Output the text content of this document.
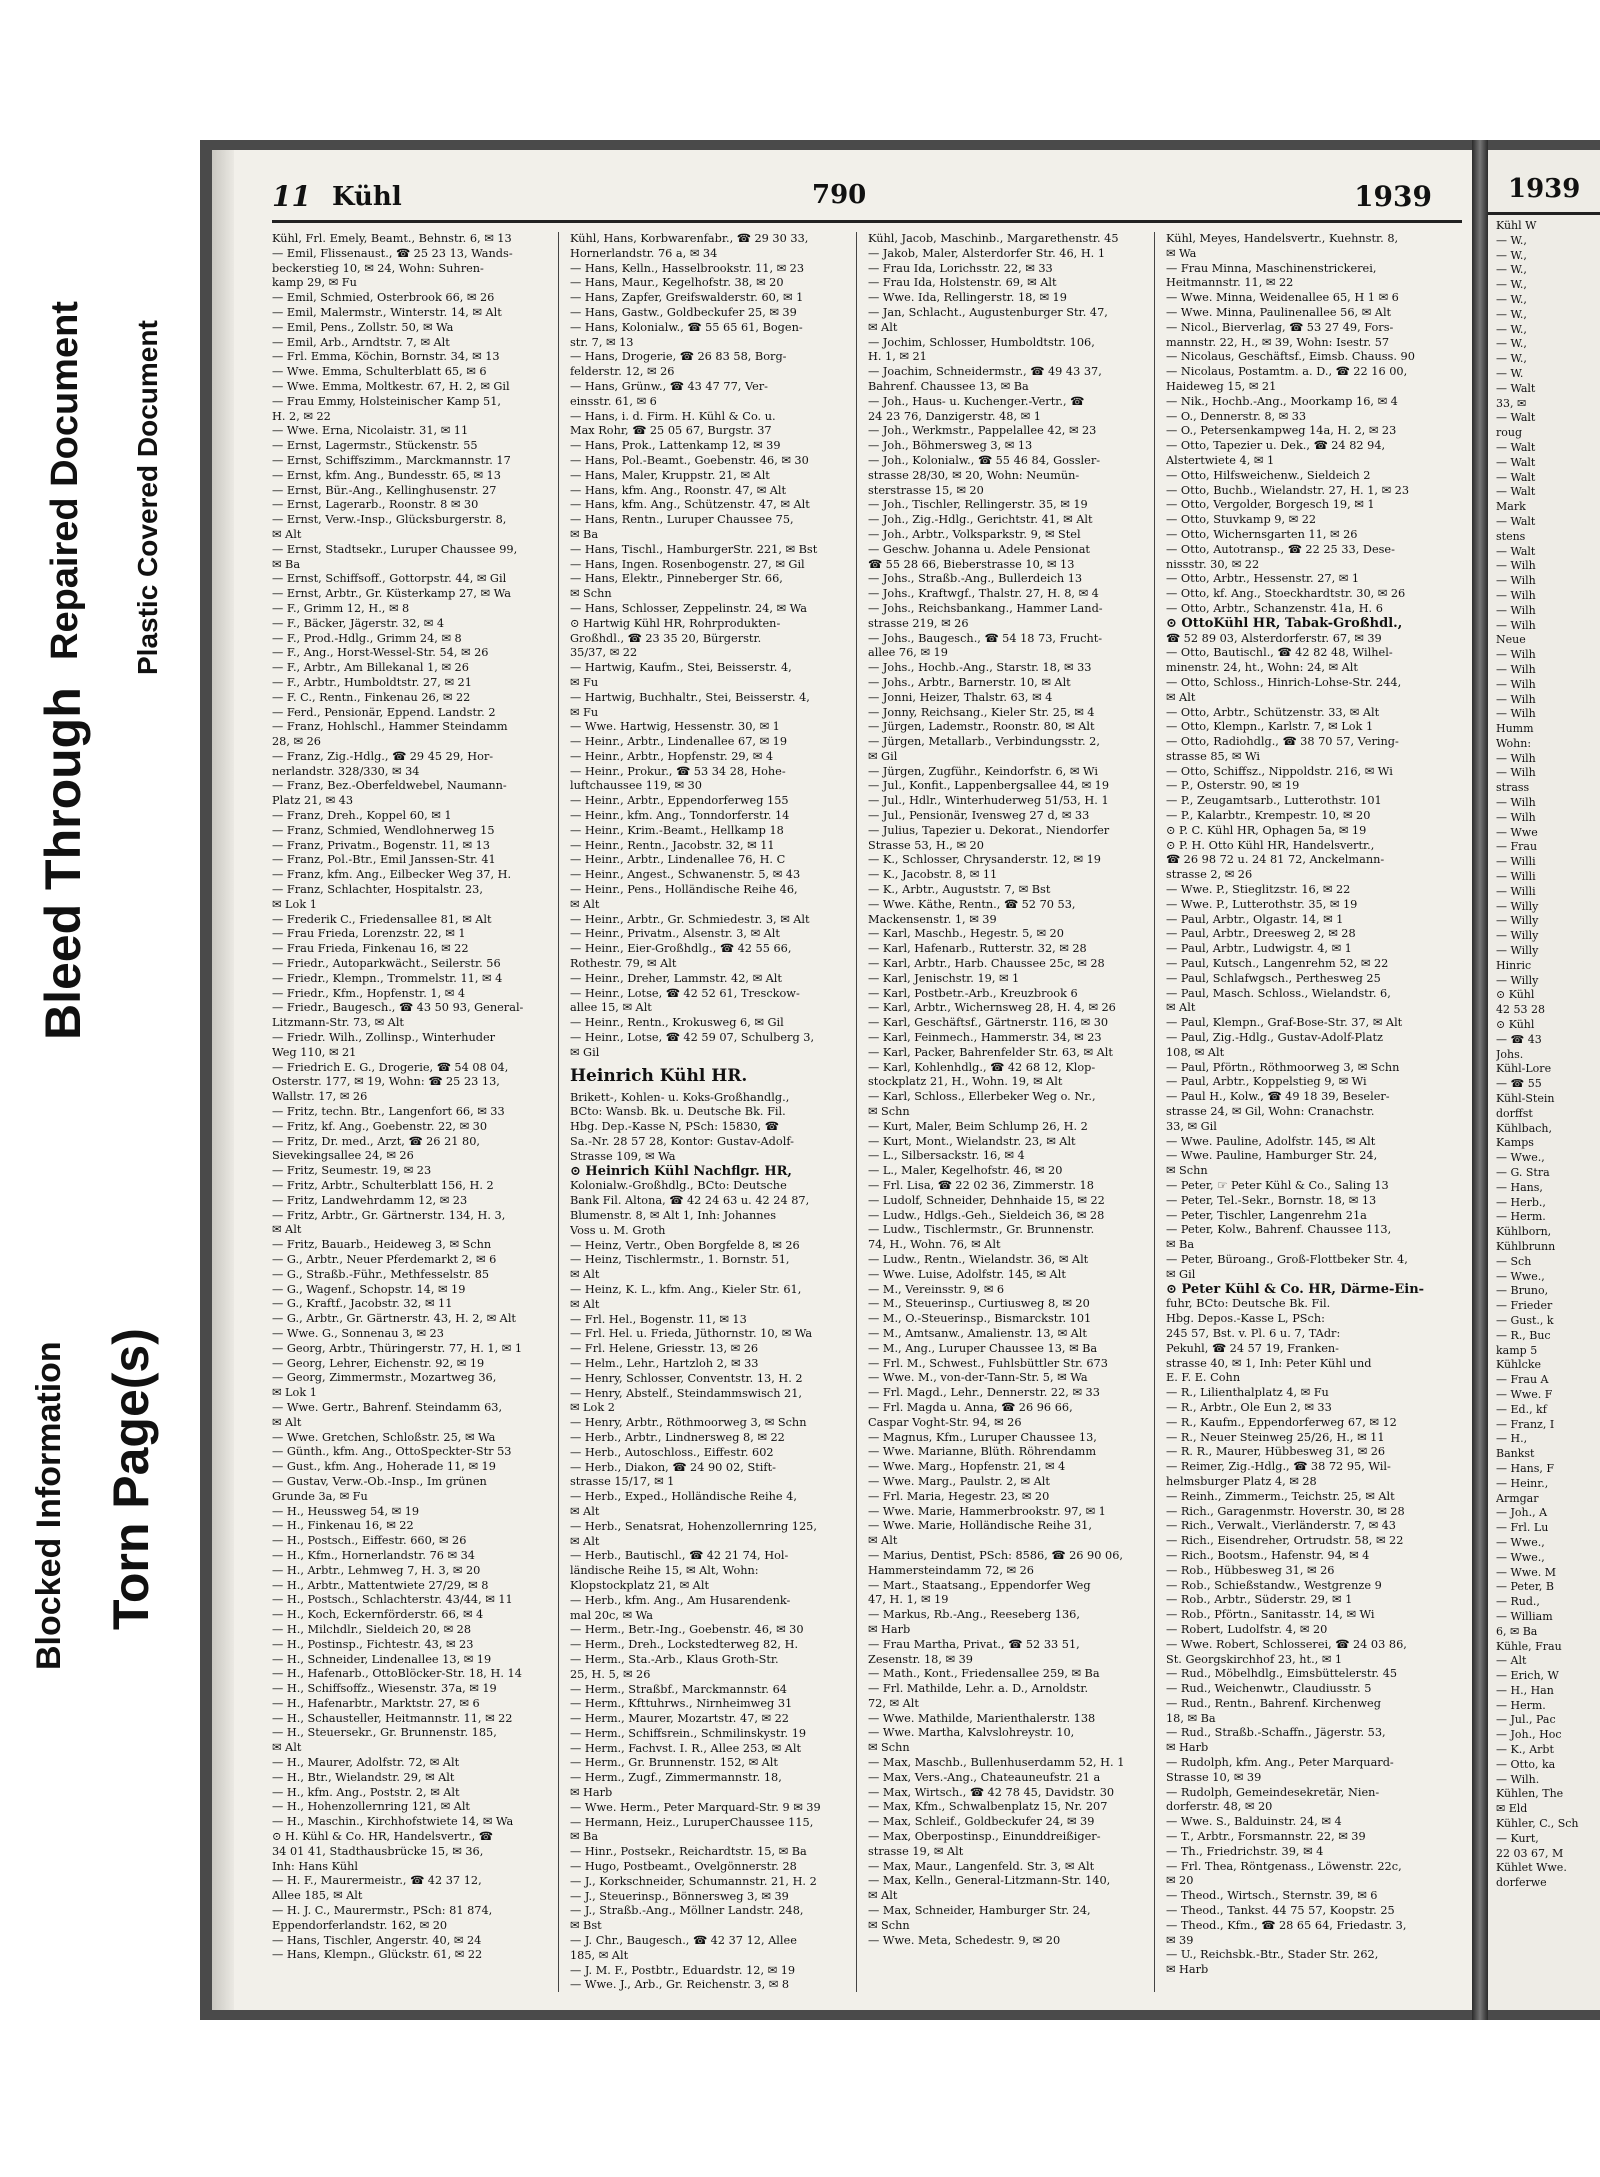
Bleed Through
Repaired Document Plastic Covered Document
Blocked Information Torn Page(s)
11 Kühl	790	1939
Kühl, Frl. Emely, Beamt., Behnstr. 6, ✉ 13
— Emil, Flissenaust., ☎ 25 23 13, Wands-
beckerstieg 10, ✉ 24, Wohn: Suhren-
kamp 29, ✉ Fu
— Emil, Schmied, Osterbrook 66, ✉ 26
— Emil, Malermstr., Winterstr. 14, ✉ Alt
— Emil, Pens., Zollstr. 50, ✉ Wa
— Emil, Arb., Arndtstr. 7, ✉ Alt
— Frl. Emma, Köchin, Bornstr. 34, ✉ 13
— Wwe. Emma, Schulterblatt 65, ✉ 6
— Wwe. Emma, Moltkestr. 67, H. 2, ✉ Gil
— Frau Emmy, Holsteinischer Kamp 51,
H. 2, ✉ 22
— Wwe. Erna, Nicolaistr. 31, ✉ 11
— Ernst, Lagermstr., Stückenstr. 55
— Ernst, Schiffszimm., Marckmannstr. 17
— Ernst, kfm. Ang., Bundesstr. 65, ✉ 13
— Ernst, Bür.-Ang., Kellinghusenstr. 27
— Ernst, Lagerarb., Roonstr. 8 ✉ 30
— Ernst, Verw.-Insp., Glücksburgerstr. 8,
✉ Alt
— Ernst, Stadtsekr., Luruper Chaussee 99,
✉ Ba
— Ernst, Schiffsoff., Gottorpstr. 44, ✉ Gil
— Ernst, Arbtr., Gr. Küsterkamp 27, ✉ Wa
— F., Grimm 12, H., ✉ 8
— F., Bäcker, Jägerstr. 32, ✉ 4
— F., Prod.-Hdlg., Grimm 24, ✉ 8
— F., Ang., Horst-Wessel-Str. 54, ✉ 26
— F., Arbtr., Am Billekanal 1, ✉ 26
— F., Arbtr., Humboldtstr. 27, ✉ 21
— F. C., Rentn., Finkenau 26, ✉ 22
— Ferd., Pensionär, Eppend. Landstr. 2
— Franz, Hohlschl., Hammer Steindamm
28, ✉ 26
— Franz, Zig.-Hdlg., ☎ 29 45 29, Hor-
nerlandstr. 328/330, ✉ 34
— Franz, Bez.-Oberfeldwebel, Naumann-
Platz 21, ✉ 43
— Franz, Dreh., Koppel 60, ✉ 1
— Franz, Schmied, Wendlohnerweg 15
— Franz, Privatm., Bogenstr. 11, ✉ 13
— Franz, Pol.-Btr., Emil Janssen-Str. 41
— Franz, kfm. Ang., Eilbecker Weg 37, H.
— Franz, Schlachter, Hospitalstr. 23,
✉ Lok 1
— Frederik C., Friedensallee 81, ✉ Alt
— Frau Frieda, Lorenzstr. 22, ✉ 1
— Frau Frieda, Finkenau 16, ✉ 22
— Friedr., Autoparkwächt., Seilerstr. 56
— Friedr., Klempn., Trommelstr. 11, ✉ 4
— Friedr., Kfm., Hopfenstr. 1, ✉ 4
— Friedr., Baugesch., ☎ 43 50 93, General-
Litzmann-Str. 73, ✉ Alt
— Friedr. Wilh., Zollinsp., Winterhuder
Weg 110, ✉ 21
— Friedrich E. G., Drogerie, ☎ 54 08 04,
Osterstr. 177, ✉ 19, Wohn: ☎ 25 23 13,
Wallstr. 17, ✉ 26
— Fritz, techn. Btr., Langenfort 66, ✉ 33
— Fritz, kf. Ang., Goebenstr. 22, ✉ 30
— Fritz, Dr. med., Arzt, ☎ 26 21 80,
Sievekingsallee 24, ✉ 26
— Fritz, Seumestr. 19, ✉ 23
— Fritz, Arbtr., Schulterblatt 156, H. 2
— Fritz, Landwehrdamm 12, ✉ 23
— Fritz, Arbtr., Gr. Gärtnerstr. 134, H. 3,
✉ Alt
— Fritz, Bauarb., Heideweg 3, ✉ Schn
— G., Arbtr., Neuer Pferdemarkt 2, ✉ 6
— G., Straßb.-Führ., Methfesselstr. 85
— G., Wagenf., Schopstr. 14, ✉ 19
— G., Kraftf., Jacobstr. 32, ✉ 11
— G., Arbtr., Gr. Gärtnerstr. 43, H. 2, ✉ Alt
— Wwe. G., Sonnenau 3, ✉ 23
— Georg, Arbtr., Thüringerstr. 77, H. 1, ✉ 1
— Georg, Lehrer, Eichenstr. 92, ✉ 19
— Georg, Zimmermstr., Mozartweg 36,
✉ Lok 1
— Wwe. Gertr., Bahrenf. Steindamm 63,
✉ Alt
— Wwe. Gretchen, Schloßstr. 25, ✉ Wa
— Günth., kfm. Ang., OttoSpeckter-Str 53
— Gust., kfm. Ang., Hoherade 11, ✉ 19
— Gustav, Verw.-Ob.-Insp., Im grünen
Grunde 3a, ✉ Fu
— H., Heussweg 54, ✉ 19
— H., Finkenau 16, ✉ 22
— H., Postsch., Eiffestr. 660, ✉ 26
— H., Kfm., Hornerlandstr. 76 ✉ 34
— H., Arbtr., Lehmweg 7, H. 3, ✉ 20
— H., Arbtr., Mattentwiete 27/29, ✉ 8
— H., Postsch., Schlachterstr. 43/44, ✉ 11
— H., Koch, Eckernförderstr. 66, ✉ 4
— H., Milchdlr., Sieldeich 20, ✉ 28
— H., Postinsp., Fichtestr. 43, ✉ 23
— H., Schneider, Lindenallee 13, ✉ 19
— H., Hafenarb., OttoBlöcker-Str. 18, H. 14
— H., Schiffsoffz., Wiesenstr. 37a, ✉ 19
— H., Hafenarbtr., Marktstr. 27, ✉ 6
— H., Schausteller, Heitmannstr. 11, ✉ 22
— H., Steuersekr., Gr. Brunnenstr. 185,
✉ Alt
— H., Maurer, Adolfstr. 72, ✉ Alt
— H., Btr., Wielandstr. 29, ✉ Alt
— H., kfm. Ang., Poststr. 2, ✉ Alt
— H., Hohenzollernring 121, ✉ Alt
— H., Maschin., Kirchhofstwiete 14, ✉ Wa
⊙ H. Kühl & Co. HR, Handelsvertr., ☎
34 01 41, Stadthausbrücke 15, ✉ 36,
Inh: Hans Kühl
— H. F., Maurermeistr., ☎ 42 37 12,
Allee 185, ✉ Alt
— H. J. C., Maurermstr., PSch: 81 874,
Eppendorferlandstr. 162, ✉ 20
— Hans, Tischler, Angerstr. 40, ✉ 24
— Hans, Klempn., Glückstr. 61, ✉ 22
Kühl, Hans, Korbwarenfabr., ☎ 29 30 33,
Hornerlandstr. 76 a, ✉ 34
— Hans, Kelln., Hasselbrookstr. 11, ✉ 23
— Hans, Maur., Kegelhofstr. 38, ✉ 20
— Hans, Zapfer, Greifswalderstr. 60, ✉ 1
— Hans, Gastw., Goldbeckufer 25, ✉ 39
— Hans, Kolonialw., ☎ 55 65 61, Bogen-
str. 7, ✉ 13
— Hans, Drogerie, ☎ 26 83 58, Borg-
felderstr. 12, ✉ 26
— Hans, Grünw., ☎ 43 47 77, Ver-
einsstr. 61, ✉ 6
— Hans, i. d. Firm. H. Kühl & Co. u.
Max Rohr, ☎ 25 05 67, Burgstr. 37
— Hans, Prok., Lattenkamp 12, ✉ 39
— Hans, Pol.-Beamt., Goebenstr. 46, ✉ 30
— Hans, Maler, Kruppstr. 21, ✉ Alt
— Hans, kfm. Ang., Roonstr. 47, ✉ Alt
— Hans, kfm. Ang., Schützenstr. 47, ✉ Alt
— Hans, Rentn., Luruper Chaussee 75,
✉ Ba
— Hans, Tischl., HamburgerStr. 221, ✉ Bst
— Hans, Ingen. Rosenbogenstr. 27, ✉ Gil
— Hans, Elektr., Pinneberger Str. 66,
✉ Schn
— Hans, Schlosser, Zeppelinstr. 24, ✉ Wa
⊙ Hartwig Kühl HR, Rohrprodukten-
Großhdl., ☎ 23 35 20, Bürgerstr.
35/37, ✉ 22
— Hartwig, Kaufm., Stei, Beisserstr. 4,
✉ Fu
— Hartwig, Buchhaltr., Stei, Beisserstr. 4,
✉ Fu
— Wwe. Hartwig, Hessenstr. 30, ✉ 1
— Heinr., Arbtr., Lindenallee 67, ✉ 19
— Heinr., Arbtr., Hopfenstr. 29, ✉ 4
— Heinr., Prokur., ☎ 53 34 28, Hohe-
luftchaussee 119, ✉ 30
— Heinr., Arbtr., Eppendorferweg 155
— Heinr., kfm. Ang., Tonndorferstr. 14
— Heinr., Krim.-Beamt., Hellkamp 18
— Heinr., Rentn., Jacobstr. 32, ✉ 11
— Heinr., Arbtr., Lindenallee 76, H. C
— Heinr., Angest., Schwanenstr. 5, ✉ 43
— Heinr., Pens., Holländische Reihe 46,
✉ Alt
— Heinr., Arbtr., Gr. Schmiedestr. 3, ✉ Alt
— Heinr., Privatm., Alsenstr. 3, ✉ Alt
— Heinr., Eier-Großhdlg., ☎ 42 55 66,
Rothestr. 79, ✉ Alt
— Heinr., Dreher, Lammstr. 42, ✉ Alt
— Heinr., Lotse, ☎ 42 52 61, Tresckow-
allee 15, ✉ Alt
— Heinr., Rentn., Krokusweg 6, ✉ Gil
— Heinr., Lotse, ☎ 42 59 07, Schulberg 3,
✉ Gil
Heinrich Kühl HR.
Brikett-, Kohlen- u. Koks-Großhandlg.,
BCto: Wansb. Bk. u. Deutsche Bk. Fil.
Hbg. Dep.-Kasse N, PSch: 15830, ☎
Sa.-Nr. 28 57 28, Kontor: Gustav-Adolf-
Strasse 109, ✉ Wa
⊙ Heinrich Kühl Nachflgr. HR,
Kolonialw.-Großhdlg., BCto: Deutsche
Bank Fil. Altona, ☎ 42 24 63 u. 42 24 87,
Blumenstr. 8, ✉ Alt 1, Inh: Johannes
Voss u. M. Groth
— Heinz, Vertr., Oben Borgfelde 8, ✉ 26
— Heinz, Tischlermstr., 1. Bornstr. 51,
✉ Alt
— Heinz, K. L., kfm. Ang., Kieler Str. 61,
✉ Alt
— Frl. Hel., Bogenstr. 11, ✉ 13
— Frl. Hel. u. Frieda, Jüthornstr. 10, ✉ Wa
— Frl. Helene, Griesstr. 13, ✉ 26
— Helm., Lehr., Hartzloh 2, ✉ 33
— Henry, Schlosser, Conventstr. 13, H. 2
— Henry, Abstelf., Steindammswisch 21,
✉ Lok 2
— Henry, Arbtr., Röthmoorweg 3, ✉ Schn
— Herb., Arbtr., Lindnersweg 8, ✉ 22
— Herb., Autoschloss., Eiffestr. 602
— Herb., Diakon, ☎ 24 90 02, Stift-
strasse 15/17, ✉ 1
— Herb., Exped., Holländische Reihe 4,
✉ Alt
— Herb., Senatsrat, Hohenzollernring 125,
✉ Alt
— Herb., Bautischl., ☎ 42 21 74, Hol-
ländische Reihe 15, ✉ Alt, Wohn:
Klopstockplatz 21, ✉ Alt
— Herb., kfm. Ang., Am Husarendenk-
mal 20c, ✉ Wa
— Herm., Betr.-Ing., Goebenstr. 46, ✉ 30
— Herm., Dreh., Lockstedterweg 82, H.
— Herm., Sta.-Arb., Klaus Groth-Str.
25, H. 5, ✉ 26
— Herm., Straßbf., Marckmannstr. 64
— Herm., Kfttuhrws., Nirnheimweg 31
— Herm., Maurer, Mozartstr. 47, ✉ 22
— Herm., Schiffsrein., Schmilinskystr. 19
— Herm., Fachvst. I. R., Allee 253, ✉ Alt
— Herm., Gr. Brunnenstr. 152, ✉ Alt
— Herm., Zugf., Zimmermannstr. 18,
✉ Harb
— Wwe. Herm., Peter Marquard-Str. 9 ✉ 39
— Hermann, Heiz., LuruperChaussee 115,
✉ Ba
— Hinr., Postsekr., Reichardtstr. 15, ✉ Ba
— Hugo, Postbeamt., Ovelgönnerstr. 28
— J., Korkschneider, Schumannstr. 21, H. 2
— J., Steuerinsp., Bönnersweg 3, ✉ 39
— J., Straßb.-Ang., Möllner Landstr. 248,
✉ Bst
— J. Chr., Baugesch., ☎ 42 37 12, Allee
185, ✉ Alt
— J. M. F., Postbtr., Eduardstr. 12, ✉ 19
— Wwe. J., Arb., Gr. Reichenstr. 3, ✉ 8
Kühl, Jacob, Maschinb., Margarethenstr. 45
— Jakob, Maler, Alsterdorfer Str. 46, H. 1
— Frau Ida, Lorichsstr. 22, ✉ 33
— Frau Ida, Holstenstr. 69, ✉ Alt
— Wwe. Ida, Rellingerstr. 18, ✉ 19
— Jan, Schlacht., Augustenburger Str. 47,
✉ Alt
— Jochim, Schlosser, Humboldtstr. 106,
H. 1, ✉ 21
— Joachim, Schneidermstr., ☎ 49 43 37,
Bahrenf. Chaussee 13, ✉ Ba
— Joh., Haus- u. Kuchenger.-Vertr., ☎
24 23 76, Danzigerstr. 48, ✉ 1
— Joh., Werkmstr., Pappelallee 42, ✉ 23
— Joh., Böhmersweg 3, ✉ 13
— Joh., Kolonialw., ☎ 55 46 84, Gossler-
strasse 28/30, ✉ 20, Wohn: Neumün-
sterstrasse 15, ✉ 20
— Joh., Tischler, Rellingerstr. 35, ✉ 19
— Joh., Zig.-Hdlg., Gerichtstr. 41, ✉ Alt
— Joh., Arbtr., Volksparkstr. 9, ✉ Stel
— Geschw. Johanna u. Adele Pensionat
☎ 55 28 66, Bieberstrasse 10, ✉ 13
— Johs., Straßb.-Ang., Bullerdeich 13
— Johs., Kraftwgf., Thalstr. 27, H. 8, ✉ 4
— Johs., Reichsbankang., Hammer Land-
strasse 219, ✉ 26
— Johs., Baugesch., ☎ 54 18 73, Frucht-
allee 76, ✉ 19
— Johs., Hochb.-Ang., Starstr. 18, ✉ 33
— Johs., Arbtr., Barnerstr. 10, ✉ Alt
— Jonni, Heizer, Thalstr. 63, ✉ 4
— Jonny, Reichsang., Kieler Str. 25, ✉ 4
— Jürgen, Lademstr., Roonstr. 80, ✉ Alt
— Jürgen, Metallarb., Verbindungsstr. 2,
✉ Gil
— Jürgen, Zugführ., Keindorfstr. 6, ✉ Wi
— Jul., Konfit., Lappenbergsallee 44, ✉ 19
— Jul., Hdlr., Winterhuderweg 51/53, H. 1
— Jul., Pensionär, Ivensweg 27 d, ✉ 33
— Julius, Tapezier u. Dekorat., Niendorfer
Strasse 53, H., ✉ 20
— K., Schlosser, Chrysanderstr. 12, ✉ 19
— K., Jacobstr. 8, ✉ 11
— K., Arbtr., Auguststr. 7, ✉ Bst
— Wwe. Käthe, Rentn., ☎ 52 70 53,
Mackensenstr. 1, ✉ 39
— Karl, Maschb., Hegestr. 5, ✉ 20
— Karl, Hafenarb., Rutterstr. 32, ✉ 28
— Karl, Arbtr., Harb. Chaussee 25c, ✉ 28
— Karl, Jenischstr. 19, ✉ 1
— Karl, Postbetr.-Arb., Kreuzbrook 6
— Karl, Arbtr., Wichernsweg 28, H. 4, ✉ 26
— Karl, Geschäftsf., Gärtnerstr. 116, ✉ 30
— Karl, Feinmech., Hammerstr. 34, ✉ 23
— Karl, Packer, Bahrenfelder Str. 63, ✉ Alt
— Karl, Kohlenhdlg., ☎ 42 68 12, Klop-
stockplatz 21, H., Wohn. 19, ✉ Alt
— Karl, Schloss., Ellerbeker Weg o. Nr.,
✉ Schn
— Kurt, Maler, Beim Schlump 26, H. 2
— Kurt, Mont., Wielandstr. 23, ✉ Alt
— L., Silbersackstr. 16, ✉ 4
— L., Maler, Kegelhofstr. 46, ✉ 20
— Frl. Lisa, ☎ 22 02 36, Zimmerstr. 18
— Ludolf, Schneider, Dehnhaide 15, ✉ 22
— Ludw., Hdlgs.-Geh., Sieldeich 36, ✉ 28
— Ludw., Tischlermstr., Gr. Brunnenstr.
74, H., Wohn. 76, ✉ Alt
— Ludw., Rentn., Wielandstr. 36, ✉ Alt
— Wwe. Luise, Adolfstr. 145, ✉ Alt
— M., Vereinsstr. 9, ✉ 6
— M., Steuerinsp., Curtiusweg 8, ✉ 20
— M., O.-Steuerinsp., Bismarckstr. 101
— M., Amtsanw., Amalienstr. 13, ✉ Alt
— M., Ang., Luruper Chaussee 13, ✉ Ba
— Frl. M., Schwest., Fuhlsbüttler Str. 673
— Wwe. M., von-der-Tann-Str. 5, ✉ Wa
— Frl. Magd., Lehr., Dennerstr. 22, ✉ 33
— Frl. Magda u. Anna, ☎ 26 96 66,
Caspar Voght-Str. 94, ✉ 26
— Magnus, Kfm., Luruper Chaussee 13,
— Wwe. Marianne, Blüth. Röhrendamm
— Wwe. Marg., Hopfenstr. 21, ✉ 4
— Wwe. Marg., Paulstr. 2, ✉ Alt
— Frl. Maria, Hegestr. 23, ✉ 20
— Wwe. Marie, Hammerbrookstr. 97, ✉ 1
— Wwe. Marie, Holländische Reihe 31,
✉ Alt
— Marius, Dentist, PSch: 8586, ☎ 26 90 06,
Hammersteindamm 72, ✉ 26
— Mart., Staatsang., Eppendorfer Weg
47, H. 1, ✉ 19
— Markus, Rb.-Ang., Reeseberg 136,
✉ Harb
— Frau Martha, Privat., ☎ 52 33 51,
Zesenstr. 18, ✉ 39
— Math., Kont., Friedensallee 259, ✉ Ba
— Frl. Mathilde, Lehr. a. D., Arnoldstr.
72, ✉ Alt
— Wwe. Mathilde, Marienthalerstr. 138
— Wwe. Martha, Kalvslohreystr. 10,
✉ Schn
— Max, Maschb., Bullenhuserdamm 52, H. 1
— Max, Vers.-Ang., Chateauneufstr. 21 a
— Max, Wirtsch., ☎ 42 78 45, Davidstr. 30
— Max, Kfm., Schwalbenplatz 15, Nr. 207
— Max, Schleif., Goldbeckufer 24, ✉ 39
— Max, Oberpostinsp., Einunddreißiger-
strasse 19, ✉ Alt
— Max, Maur., Langenfeld. Str. 3, ✉ Alt
— Max, Kelln., General-Litzmann-Str. 140,
✉ Alt
— Max, Schneider, Hamburger Str. 24,
✉ Schn
— Wwe. Meta, Schedestr. 9, ✉ 20
Kühl, Meyes, Handelsvertr., Kuehnstr. 8,
✉ Wa
— Frau Minna, Maschinenstrickerei,
Heitmannstr. 11, ✉ 22
— Wwe. Minna, Weidenallee 65, H 1 ✉ 6
— Wwe. Minna, Paulinenallee 56, ✉ Alt
— Nicol., Bierverlag, ☎ 53 27 49, Fors-
mannstr. 22, H., ✉ 39, Wohn: Isestr. 57
— Nicolaus, Geschäftsf., Eimsb. Chauss. 90
— Nicolaus, Postamtm. a. D., ☎ 22 16 00,
Haideweg 15, ✉ 21
— Nik., Hochb.-Ang., Moorkamp 16, ✉ 4
— O., Dennerstr. 8, ✉ 33
— O., Petersenkampweg 14a, H. 2, ✉ 23
— Otto, Tapezier u. Dek., ☎ 24 82 94,
Alstertwiete 4, ✉ 1
— Otto, Hilfsweichenw., Sieldeich 2
— Otto, Buchb., Wielandstr. 27, H. 1, ✉ 23
— Otto, Vergolder, Borgesch 19, ✉ 1
— Otto, Stuvkamp 9, ✉ 22
— Otto, Wichernsgarten 11, ✉ 26
— Otto, Autotransp., ☎ 22 25 33, Dese-
nissstr. 30, ✉ 22
— Otto, Arbtr., Hessenstr. 27, ✉ 1
— Otto, kf. Ang., Stoeckhardtstr. 30, ✉ 26
— Otto, Arbtr., Schanzenstr. 41a, H. 6
⊙ OttoKühl HR, Tabak-Großhdl.,
☎ 52 89 03, Alsterdorferstr. 67, ✉ 39
— Otto, Bautischl., ☎ 42 82 48, Wilhel-
minenstr. 24, ht., Wohn: 24, ✉ Alt
— Otto, Schloss., Hinrich-Lohse-Str. 244,
✉ Alt
— Otto, Arbtr., Schützenstr. 33, ✉ Alt
— Otto, Klempn., Karlstr. 7, ✉ Lok 1
— Otto, Radiohdlg., ☎ 38 70 57, Vering-
strasse 85, ✉ Wi
— Otto, Schiffsz., Nippoldstr. 216, ✉ Wi
— P., Osterstr. 90, ✉ 19
— P., Zeugamtsarb., Lutterothstr. 101
— P., Kalarbtr., Krempestr. 10, ✉ 20
⊙ P. C. Kühl HR, Ophagen 5a, ✉ 19
⊙ P. H. Otto Kühl HR, Handelsvertr.,
☎ 26 98 72 u. 24 81 72, Anckelmann-
strasse 2, ✉ 26
— Wwe. P., Stieglitzstr. 16, ✉ 22
— Wwe. P., Lutterothstr. 35, ✉ 19
— Paul, Arbtr., Olgastr. 14, ✉ 1
— Paul, Arbtr., Dreesweg 2, ✉ 28
— Paul, Arbtr., Ludwigstr. 4, ✉ 1
— Paul, Kutsch., Langenrehm 52, ✉ 22
— Paul, Schlafwgsch., Perthesweg 25
— Paul, Masch. Schloss., Wielandstr. 6,
✉ Alt
— Paul, Klempn., Graf-Bose-Str. 37, ✉ Alt
— Paul, Zig.-Hdlg., Gustav-Adolf-Platz
108, ✉ Alt
— Paul, Pförtn., Röthmoorweg 3, ✉ Schn
— Paul, Arbtr., Koppelstieg 9, ✉ Wi
— Paul H., Kolw., ☎ 49 18 39, Beseler-
strasse 24, ✉ Gil, Wohn: Cranachstr.
33, ✉ Gil
— Wwe. Pauline, Adolfstr. 145, ✉ Alt
— Wwe. Pauline, Hamburger Str. 24,
✉ Schn
— Peter, ☞ Peter Kühl & Co., Saling 13
— Peter, Tel.-Sekr., Bornstr. 18, ✉ 13
— Peter, Tischler, Langenrehm 21a
— Peter, Kolw., Bahrenf. Chaussee 113,
✉ Ba
— Peter, Büroang., Groß-Flottbeker Str. 4,
✉ Gil
⊙ Peter Kühl & Co. HR, Därme-Ein-
fuhr, BCto: Deutsche Bk. Fil.
Hbg. Depos.-Kasse L, PSch:
245 57, Bst. v. Pl. 6 u. 7, TAdr:
Pekuhl, ☎ 24 57 19, Franken-
strasse 40, ✉ 1, Inh: Peter Kühl und
E. F. E. Cohn
— R., Lilienthalplatz 4, ✉ Fu
— R., Arbtr., Ole Eun 2, ✉ 33
— R., Kaufm., Eppendorferweg 67, ✉ 12
— R., Neuer Steinweg 25/26, H., ✉ 11
— R. R., Maurer, Hübbesweg 31, ✉ 26
— Reimer, Zig.-Hdlg., ☎ 38 72 95, Wil-
helmsburger Platz 4, ✉ 28
— Reinh., Zimmerm., Teichstr. 25, ✉ Alt
— Rich., Garagenmstr. Hoverstr. 30, ✉ 28
— Rich., Verwalt., Vierländerstr. 7, ✉ 43
— Rich., Eisendreher, Ortrudstr. 58, ✉ 22
— Rich., Bootsm., Hafenstr. 94, ✉ 4
— Rob., Hübbesweg 31, ✉ 26
— Rob., Schießstandw., Westgrenze 9
— Rob., Arbtr., Süderstr. 29, ✉ 1
— Rob., Pförtn., Sanitasstr. 14, ✉ Wi
— Robert, Ludolfstr. 4, ✉ 20
— Wwe. Robert, Schlosserei, ☎ 24 03 86,
St. Georgskirchhof 23, ht., ✉ 1
— Rud., Möbelhdlg., Eimsbüttelerstr. 45
— Rud., Weichenwtr., Claudiusstr. 5
— Rud., Rentn., Bahrenf. Kirchenweg
18, ✉ Ba
— Rud., Straßb.-Schaffn., Jägerstr. 53,
✉ Harb
— Rudolph, kfm. Ang., Peter Marquard-
Strasse 10, ✉ 39
— Rudolph, Gemeindesekretär, Nien-
dorferstr. 48, ✉ 20
— Wwe. S., Balduinstr. 24, ✉ 4
— T., Arbtr., Forsmannstr. 22, ✉ 39
— Th., Friedrichstr. 39, ✉ 4
— Frl. Thea, Röntgenass., Löwenstr. 22c,
✉ 20
— Theod., Wirtsch., Sternstr. 39, ✉ 6
— Theod., Tankst. 44 75 57, Koopstr. 25
— Theod., Kfm., ☎ 28 65 64, Friedastr. 3,
✉ 39
— U., Reichsbk.-Btr., Stader Str. 262,
✉ Harb
1939
Kühl W
— W.,
— W.,
— W.,
— W.,
— W.,
— W.,
— W.,
— W.,
— W.,
— W.
— Walt
33, ✉
— Walt
roug
— Walt
— Walt
— Walt
— Walt
Mark
— Walt
stens
— Walt
— Wilh
— Wilh
— Wilh
— Wilh
— Wilh
Neue
— Wilh
— Wilh
— Wilh
— Wilh
— Wilh
Humm
Wohn:
— Wilh
— Wilh
strass
— Wilh
— Wilh
— Wwe
— Frau
— Willi
— Willi
— Willi
— Willy
— Willy
— Willy
— Willy
Hinric
— Willy
⊙ Kühl
42 53 28
⊙ Kühl
— ☎ 43
Johs.
Kühl-Lore
— ☎ 55
Kühl-Stein
dorffst
Kühlbach,
Kamps
— Wwe.,
— G. Stra
— Hans,
— Herb.,
— Herm.
Kühlborn,
Kühlbrunn
— Sch
— Wwe.,
— Bruno,
— Frieder
— Gust., k
— R., Buc
kamp 5
Kühlcke
— Frau A
— Wwe. F
— Ed., kf
— Franz, I
— H.,
Bankst
— Hans, F
— Heinr.,
Armgar
— Joh., A
— Frl. Lu
— Wwe.,
— Wwe.,
— Wwe. M
— Peter, B
— Rud.,
— William
6, ✉ Ba
Kühle, Frau
— Alt
— Erich, W
— H., Han
— Herm.
— Jul., Pac
— Joh., Hoc
— K., Arbt
— Otto, ka
— Wilh.
Kühlen, The
✉ Eld
Kühler, C., Sch
— Kurt,
22 03 67, M
Kühlet Wwe.
dorferwe
